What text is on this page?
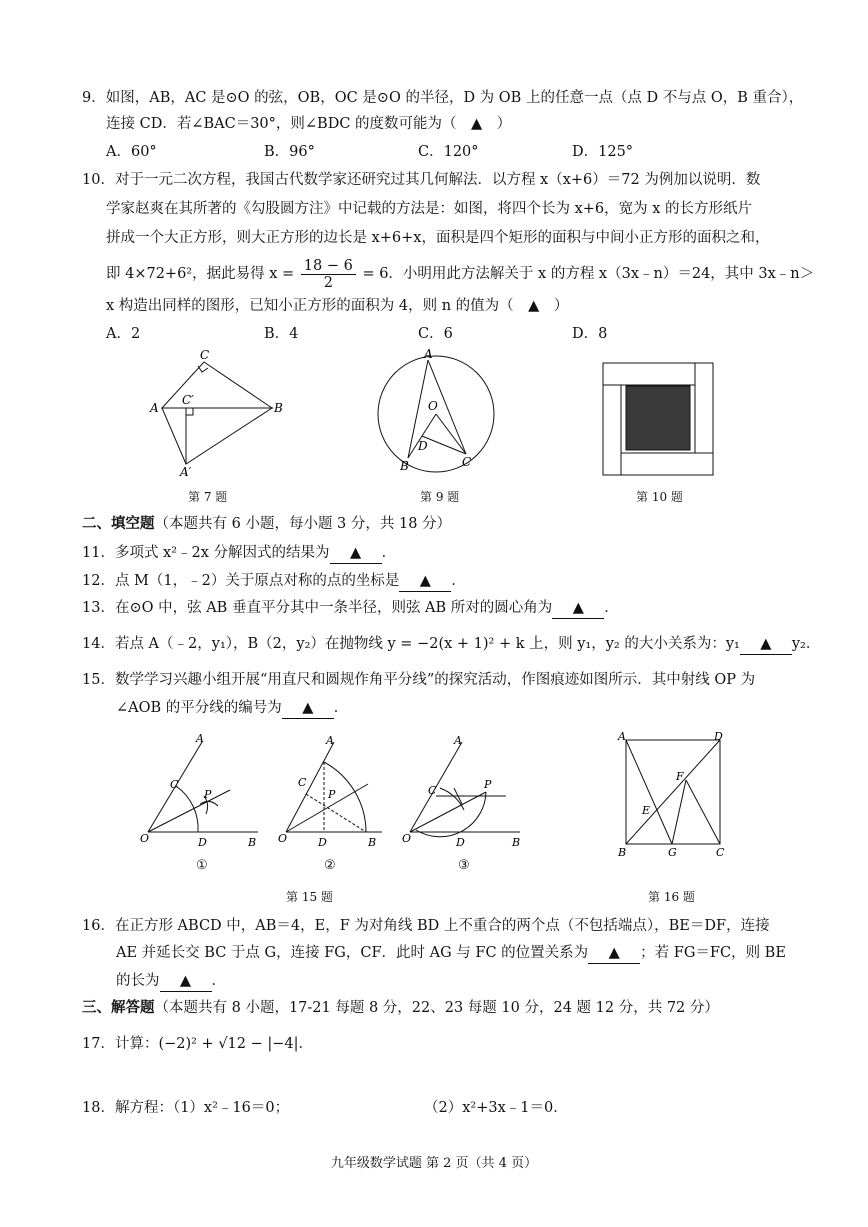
9．如图，AB，AC 是⊙O 的弦，OB，OC 是⊙O 的半径，D 为 OB 上的任意一点（点 D 不与点 O，B 重合），
连接 CD．若∠BAC＝30°，则∠BDC 的度数可能为（　▲　）
A．60°	B．96°	C．120°	D．125°
10．对于一元二次方程，我国古代数学家还研究过其几何解法．以方程 x（x+6）＝72 为例加以说明．数
学家赵爽在其所著的《勾股圆方注》中记载的方法是：如图，将四个长为 x+6，宽为 x 的长方形纸片
拼成一个大正方形，则大正方形的边长是 x+6+x，面积是四个矩形的面积与中间小正方形的面积之和，
即 4×72+6²，据此易得 $x = \frac{18 - 6}{2} = 6$．小明用此方法解关于 x 的方程 x（3x﹣n）＝24，其中 3x﹣n＞
x 构造出同样的图形，已知小正方形的面积为 4，则 n 的值为（　▲　）
A．2	B．4	C．6	D．8
C
C′
A	B
A′
第 7 题
A
O
D
B	C
第 9 题	第 10 题
二、填空题（本题共有 6 小题，每小题 3 分，共 18 分）
11．多项式 x²﹣2x 分解因式的结果为 ▲ ．
12．点 M（1，﹣2）关于原点对称的点的坐标是 ▲ ．
13．在⊙O 中，弦 AB 垂直平分其中一条半径，则弦 AB 所对的圆心角为 ▲ ．
14．若点 A（﹣2，y₁），B（2，y₂）在抛物线 y = −2(x + 1)² + k 上，则 y₁，y₂ 的大小关系为：y₁ ▲ y₂．
15．数学学习兴趣小组开展“用直尺和圆规作角平分线”的探究活动，作图痕迹如图所示．其中射线 OP 为
∠AOB 的平分线的编号为 ▲ ．
A
C
P
O	D	B
①
A
C
P
O	D	B
②
A
C	P
O	D	B
③
第 15 题
A	D
F
E
B	G	C
第 16 题
16．在正方形 ABCD 中，AB＝4，E，F 为对角线 BD 上不重合的两个点（不包括端点），BE＝DF，连接
AE 并延长交 BC 于点 G，连接 FG，CF．此时 AG 与 FC 的位置关系为 ▲ ；若 FG＝FC，则 BE
的长为 ▲ ．
三、解答题（本题共有 8 小题，17-21 每题 8 分，22、23 每题 10 分，24 题 12 分，共 72 分）
17．计算：(−2)² + √12 − |−4|．
18．解方程：（1）x²﹣16＝0；	（2）x²+3x﹣1＝0．
九年级数学试题 第 2 页（共 4 页）
